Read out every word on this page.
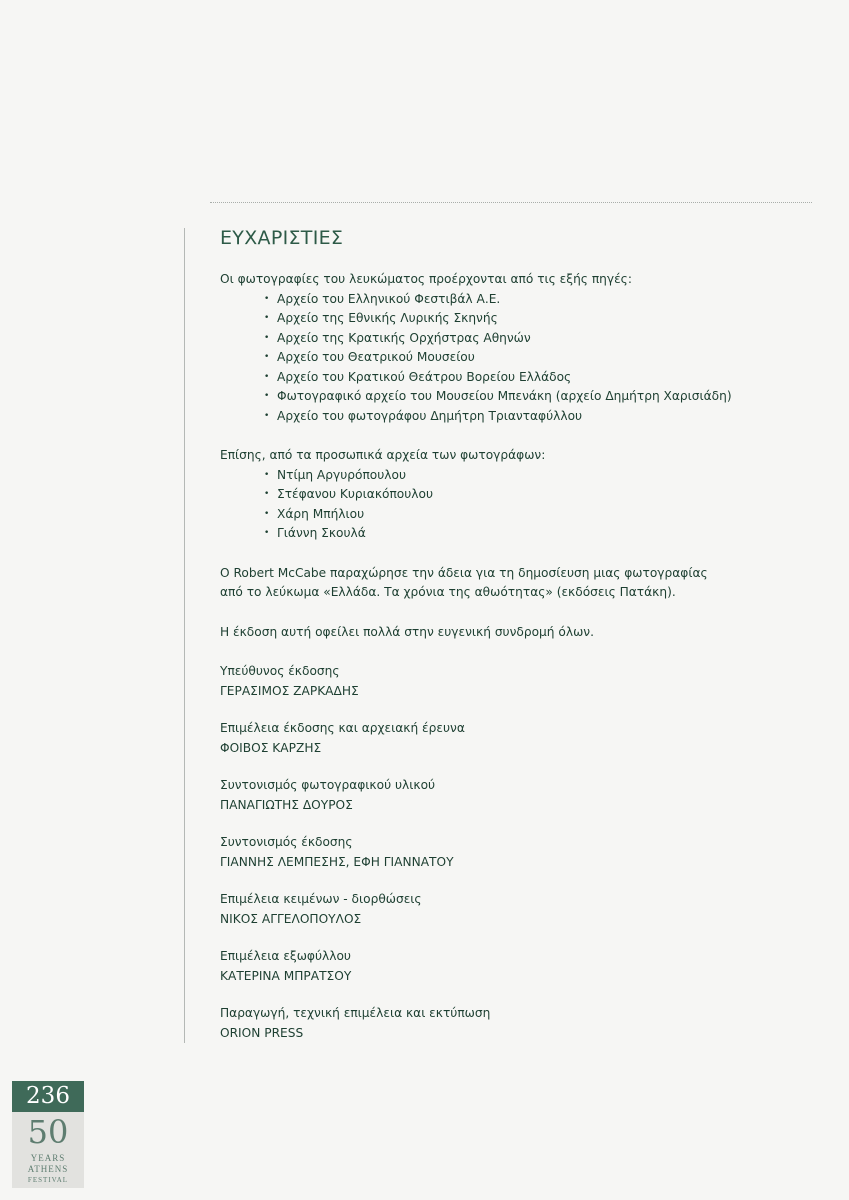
ΕΥΧΑΡΙΣΤΙΕΣ

Οι φωτογραφίες του λευκώματος προέρχονται από τις εξής πηγές:

• Αρχείο του Ελληνικού Φεστιβάλ Α.Ε.
• Αρχείο της Εθνικής Λυρικής Σκηνής
• Αρχείο της Κρατικής Ορχήστρας Αθηνών
• Αρχείο του Θεατρικού Μουσείου
• Αρχείο του Κρατικού Θεάτρου Βορείου Ελλάδος
• Φωτογραφικό αρχείο του Μουσείου Μπενάκη (αρχείο Δημήτρη Χαρισιάδη)
• Αρχείο του φωτογράφου Δημήτρη Τριανταφύλλου

Επίσης, από τα προσωπικά αρχεία των φωτογράφων:

• Ντίμη Αργυρόπουλου
• Στέφανου Κυριακόπουλου
• Χάρη Μπήλιου
• Γιάννη Σκουλά

Ο Robert McCabe παραχώρησε την άδεια για τη δημοσίευση μιας φωτογραφίας

από το λεύκωμα «Ελλάδα. Τα χρόνια της αθωότητας» (εκδόσεις Πατάκη).

Η έκδοση αυτή οφείλει πολλά στην ευγενική συνδρομή όλων.

Υπεύθυνος έκδοσης
ΓΕΡΑΣΙΜΟΣ ΖΑΡΚΑΔΗΣ
Επιμέλεια έκδοσης και αρχειακή έρευνα
ΦΟΙΒΟΣ ΚΑΡΖΗΣ
Συντονισμός φωτογραφικού υλικού
ΠΑΝΑΓΙΩΤΗΣ ΔΟΥΡΟΣ
Συντονισμός έκδοσης
ΓΙΑΝΝΗΣ ΛΕΜΠΕΣΗΣ, ΕΦΗ ΓΙΑΝΝΑΤΟΥ
Επιμέλεια κειμένων - διορθώσεις
ΝΙΚΟΣ ΑΓΓΕΛΟΠΟΥΛΟΣ
Επιμέλεια εξωφύλλου
ΚΑΤΕΡΙΝΑ ΜΠΡΑΤΣΟΥ
Παραγωγή, τεχνική επιμέλεια και εκτύπωση
ORION PRESS
236
50
YEARS
ATHENS
FESTIVAL
